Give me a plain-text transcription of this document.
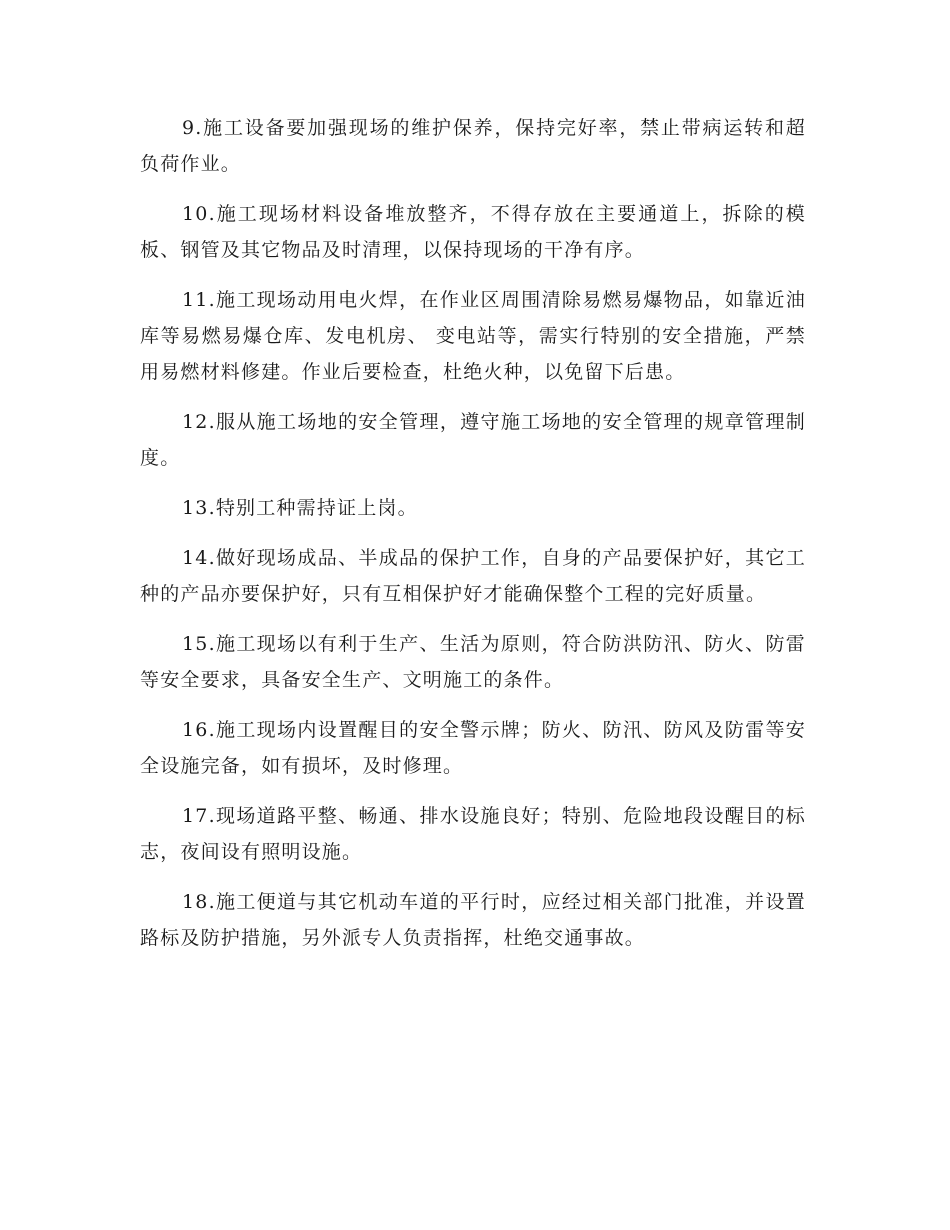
9.施工设备要加强现场的维护保养，保持完好率，禁止带病运转和超负荷作业。

10.施工现场材料设备堆放整齐，不得存放在主要通道上，拆除的模板、钢管及其它物品及时清理，以保持现场的干净有序。

11.施工现场动用电火焊，在作业区周围清除易燃易爆物品，如靠近油库等易燃易爆仓库、发电机房、 变电站等，需实行特别的安全措施，严禁用易燃材料修建。作业后要检查，杜绝火种，以免留下后患。

12.服从施工场地的安全管理，遵守施工场地的安全管理的规章管理制度。

13.特别工种需持证上岗。

14.做好现场成品、半成品的保护工作，自身的产品要保护好，其它工种的产品亦要保护好，只有互相保护好才能确保整个工程的完好质量。

15.施工现场以有利于生产、生活为原则，符合防洪防汛、防火、防雷等安全要求，具备安全生产、文明施工的条件。

16.施工现场内设置醒目的安全警示牌；防火、防汛、防风及防雷等安全设施完备，如有损坏，及时修理。

17.现场道路平整、畅通、排水设施良好；特别、危险地段设醒目的标志，夜间设有照明设施。

18.施工便道与其它机动车道的平行时，应经过相关部门批准，并设置路标及防护措施，另外派专人负责指挥，杜绝交通事故。
